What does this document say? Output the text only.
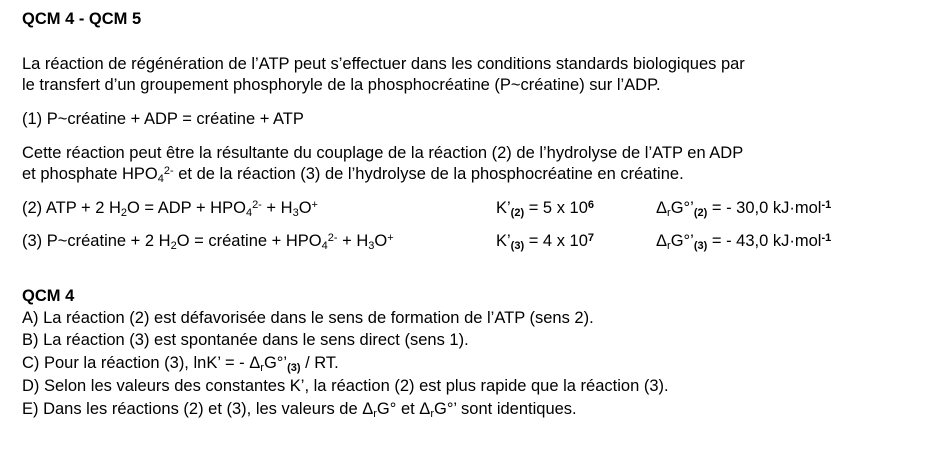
QCM 4 - QCM 5
La réaction de régénération de l’ATP peut s’effectuer dans les conditions standards biologiques par
le transfert d’un groupement phosphoryle de la phosphocréatine (P~créatine) sur l’ADP.
(1) P~créatine + ADP = créatine + ATP
Cette réaction peut être la résultante du couplage de la réaction (2) de l’hydrolyse de l’ATP en ADP
et phosphate $HPO_4^{2-}$ et de la réaction (3) de l’hydrolyse de la phosphocréatine en créatine.
(2) ATP + 2 $H_2O$ = ADP + $HPO_4^{2-} + H_3O^+$	K’(2) = 5 x $10^6$	$\Delta_rG^\circ’(2)$ = - 30,0 kJ·mol$^{-1}$
(3) P~créatine + 2 $H_2O$ = créatine + $HPO_4^{2-} + H_3O^+$	K’(3) = 4 x $10^7$	$\Delta_rG^\circ’(3)$ = - 43,0 kJ·mol$^{-1}$
QCM 4
A) La réaction (2) est défavorisée dans le sens de formation de l’ATP (sens 2).
B) La réaction (3) est spontanée dans le sens direct (sens 1).
C) Pour la réaction (3), lnK’ = - $\Delta_rG^\circ’(3)$ / RT.
D) Selon les valeurs des constantes K’, la réaction (2) est plus rapide que la réaction (3).
E) Dans les réactions (2) et (3), les valeurs de $\Delta_rG^\circ$ et $\Delta_rG^\circ$’ sont identiques.
